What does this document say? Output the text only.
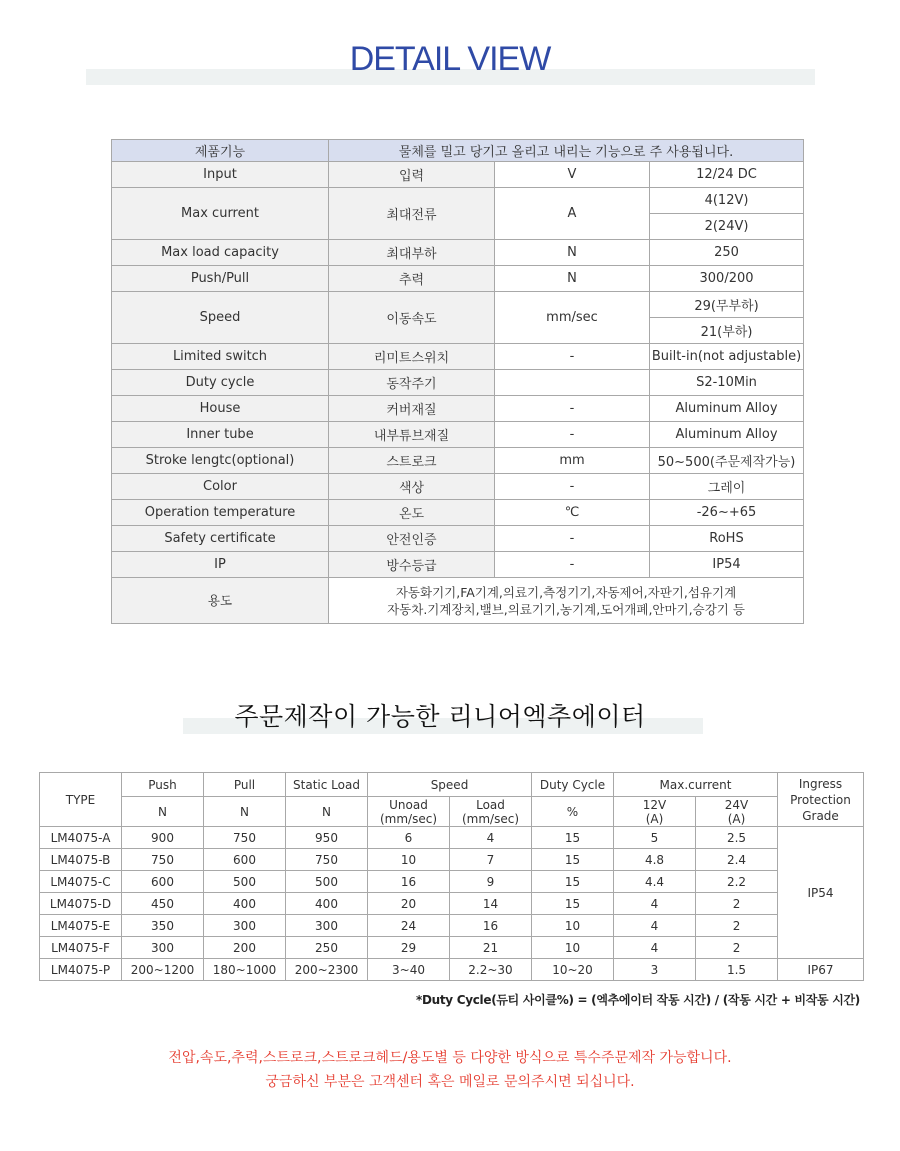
DETAIL VIEW
제품기능	물체를 밀고 당기고 올리고 내리는 기능으로 주 사용됩니다.		
Input	입력	V	12/24 DC
Max current	최대전류	A	4(12V)
			2(24V)
Max load capacity	최대부하	N	250
Push/Pull	추력	N	300/200
Speed	이동속도	mm/sec	29(무부하)
			21(부하)
Limited switch	리미트스위치	-	Built-in(not adjustable)
Duty cycle	동작주기		S2-10Min
House	커버재질	-	Aluminum Alloy
Inner tube	내부튜브재질	-	Aluminum Alloy
Stroke lengtc(optional)	스트로크	mm	50~500(주문제작가능)
Color	색상	-	그레이
Operation temperature	온도	℃	-26~+65
Safety certificate	안전인증	-	RoHS
IP	방수등급	-	IP54
용도	자동화기기,FA기계,의료기,측정기기,자동제어,자판기,섬유기계
자동차.기계장치,밸브,의료기기,농기계,도어개폐,안마기,승강기 등		
주문제작이 가능한 리니어엑추에이터
TYPE	Push	Pull	Static Load	Speed		Duty Cycle	Max.current		Ingress
Protection
Grade
	N	N	N	Unoad
(mm/sec)	Load
(mm/sec)	%	12V
(A)	24V
(A)	
LM4075-A	900	750	950	6	4	15	5	2.5	IP54
LM4075-B	750	600	750	10	7	15	4.8	2.4	
LM4075-C	600	500	500	16	9	15	4.4	2.2	
LM4075-D	450	400	400	20	14	15	4	2	
LM4075-E	350	300	300	24	16	10	4	2	
LM4075-F	300	200	250	29	21	10	4	2	
LM4075-P	200~1200	180~1000	200~2300	3~40	2.2~30	10~20	3	1.5	IP67
*Duty Cycle(듀티 사이클%) = (엑추에이터 작동 시간) / (작동 시간 + 비작동 시간)
전압,속도,추력,스트로크,스트로크헤드/용도별 등 다양한 방식으로 특수주문제작 가능합니다.
궁금하신 부분은 고객센터 혹은 메일로 문의주시면 되십니다.
